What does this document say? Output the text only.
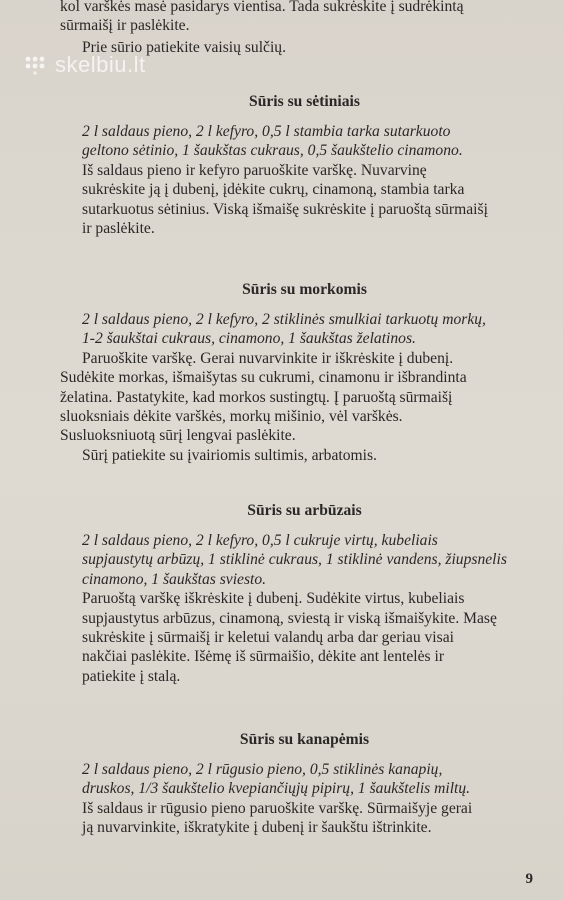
kol varškės masė pasidarys vientisa. Tada sukrėskite į sudrėkintą

sūrmaišį ir paslėkite.

Prie sūrio patiekite vaisių sulčių.

Sūris su sėtiniais

2 l saldaus pieno, 2 l kefyro, 0,5 l stambia tarka sutarkuoto
geltono sėtinio, 1 šaukštas cukraus, 0,5 šaukštelio cinamono.

Iš saldaus pieno ir kefyro paruoškite varškę. Nuvarvinę
sukrėskite ją į dubenį, įdėkite cukrų, cinamoną, stambia tarka
sutarkuotus sėtinius. Viską išmaišę sukrėskite į paruoštą sūrmaišį
ir paslėkite.

Sūris su morkomis

2 l saldaus pieno, 2 l kefyro, 2 stiklinės smulkiai tarkuotų morkų,
1-2 šaukštai cukraus, cinamono, 1 šaukštas želatinos.

Paruoškite varškę. Gerai nuvarvinkite ir iškrėskite į dubenį.
Sudėkite morkas, išmaišytas su cukrumi, cinamonu ir išbrandinta
želatina. Pastatykite, kad morkos sustingtų. Į paruoštą sūrmaišį
sluoksniais dėkite varškės, morkų mišinio, vėl varškės.
Susluoksniuotą sūrį lengvai paslėkite.

Sūrį patiekite su įvairiomis sultimis, arbatomis.

Sūris su arbūzais

2 l saldaus pieno, 2 l kefyro, 0,5 l cukruje virtų, kubeliais
supjaustytų arbūzų, 1 stiklinė cukraus, 1 stiklinė vandens, žiupsnelis
cinamono, 1 šaukštas sviesto.

Paruoštą varškę iškrėskite į dubenį. Sudėkite virtus, kubeliais
supjaustytus arbūzus, cinamoną, sviestą ir viską išmaišykite. Masę
sukrėskite į sūrmaišį ir keletui valandų arba dar geriau visai
nakčiai paslėkite. Išėmę iš sūrmaišio, dėkite ant lentelės ir
patiekite į stalą.

Sūris su kanapėmis

2 l saldaus pieno, 2 l rūgusio pieno, 0,5 stiklinės kanapių,
druskos, 1/3 šaukštelio kvepiančiųjų pipirų, 1 šaukštelis miltų.

Iš saldaus ir rūgusio pieno paruoškite varškę. Sūrmaišyje gerai
ją nuvarvinkite, iškratykite į dubenį ir šaukštu ištrinkite.

9
skelbiu.lt
